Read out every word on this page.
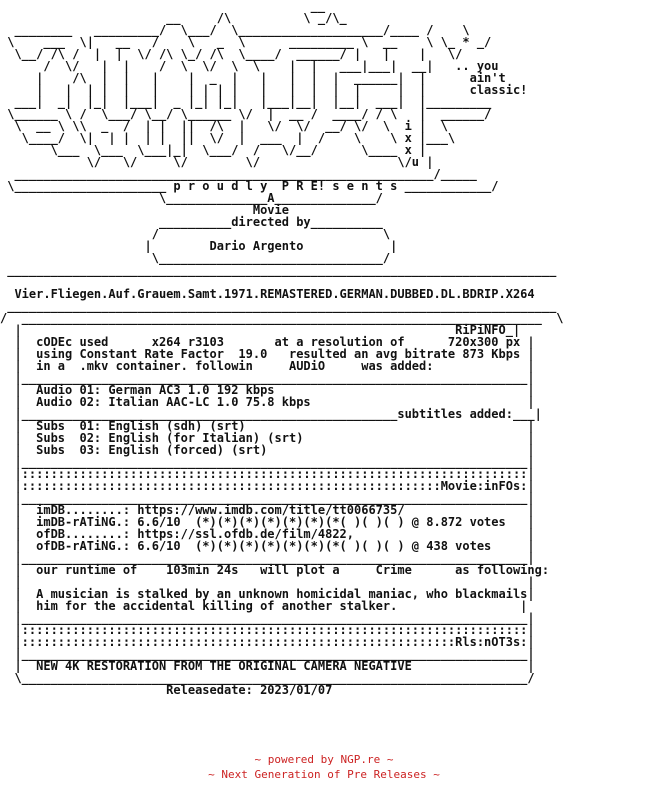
__
__     /\          \ _/\_
________   _________/  \___/  \____________________/____ /    \
\    ___  \|   __   /    \   _  \      _________ \  __    \ \_ * _/
\__/ /\ /  |  |  \/ /\ \_/ /\  \____/  ______/ |   |    |   \/
/  \/   |  |    /  \  \/  \  \    |  |   ___|___|  __|   .. you
|    /\  |  |   |    |  _  |   |   |  |  |  ______|  |      ain't
|   |  | |  |   |    | | | |   |   |  |  |  |     |  |      classic!
___|  _|  |_|  |___|  _ |_| |_|   |___|__|  |__|  ___|  |_________
\______ \ /  \___/ \__/ \______ \/  |  __ /  ____/ / \   |  ______/
\  __ \ \\  _  /  | |  ||  /\  |   \/  \/  __/ \/  \  i |  \
\____/  \|  | |  | |  ||  \/  |  ___  |  /    \    \ x |___\
\___  \___  \___|_|  \___/  /   \/__/      \____ x |
\/   \/     \/        \/                   \/u |
__________________________________________________________/_____
\_____________________ p r o u d l y  P R E! s e n t s ____________/
\______________A______________/
Movie
__________directed by__________
/                               \
|        Dario Argento            |
\_______________________________/
____________________________________________________________________________

Vier.Fliegen.Auf.Grauem.Samt.1971.REMASTERED.GERMAN.DUBBED.DL.BDRIP.X264
____________________________________________________________________________
/  ________________________________________________________________________  \
|                                                            RiPiNFO_|
|  cODEc used      x264 r3103       at a resolution of      720x300 px |
|  using Constant Rate Factor  19.0   resulted an avg bitrate 873 Kbps |
|  in a  .mkv container. followin     AUDiO     was added:             |
|______________________________________________________________________|
|  Audio 01: German AC3 1.0 192 kbps                                   |
|  Audio 02: Italian AAC-LC 1.0 75.8 kbps                              |
|____________________________________________________subtitles added:___|
|  Subs  01: English (sdh) (srt)                                       |
|  Subs  02: English (for Italian) (srt)                               |
|  Subs  03: English (forced) (srt)                                    |
|______________________________________________________________________|
|::::::::::::::::::::::::::::::::::::::::::::::::::::::::::::::::::::::|
|::::::::::::::::::::::::::::::::::::::::::::::::::::::::::Movie:inFOs:|
|______________________________________________________________________|
|  imDB........: https://www.imdb.com/title/tt0066735/                 |
|  imDB-rATiNG.: 6.6/10  (*)(*)(*)(*)(*)(*)(*( )( )( ) @ 8.872 votes   |
|  ofDB........: https://ssl.ofdb.de/film/4822,                        |
|  ofDB-rATiNG.: 6.6/10  (*)(*)(*)(*)(*)(*)(*( )( )( ) @ 438 votes     |
|______________________________________________________________________|
|  our runtime of    103min 24s   will plot a     Crime      as following:
|                                                                      |
|  A musician is stalked by an unknown homicidal maniac, who blackmails|
|  him for the accidental killing of another stalker.                 |
|______________________________________________________________________|
|::::::::::::::::::::::::::::::::::::::::::::::::::::::::::::::::::::::|
|::::::::::::::::::::::::::::::::::::::::::::::::::::::::::::Rls:nOT3s:|
|______________________________________________________________________|
|  NEW 4K RESTORATION FROM THE ORIGINAL CAMERA NEGATIVE                |
\______________________________________________________________________/
Releasedate: 2023/01/07

~ powered by NGP.re ~
~ Next Generation of Pre Releases ~
